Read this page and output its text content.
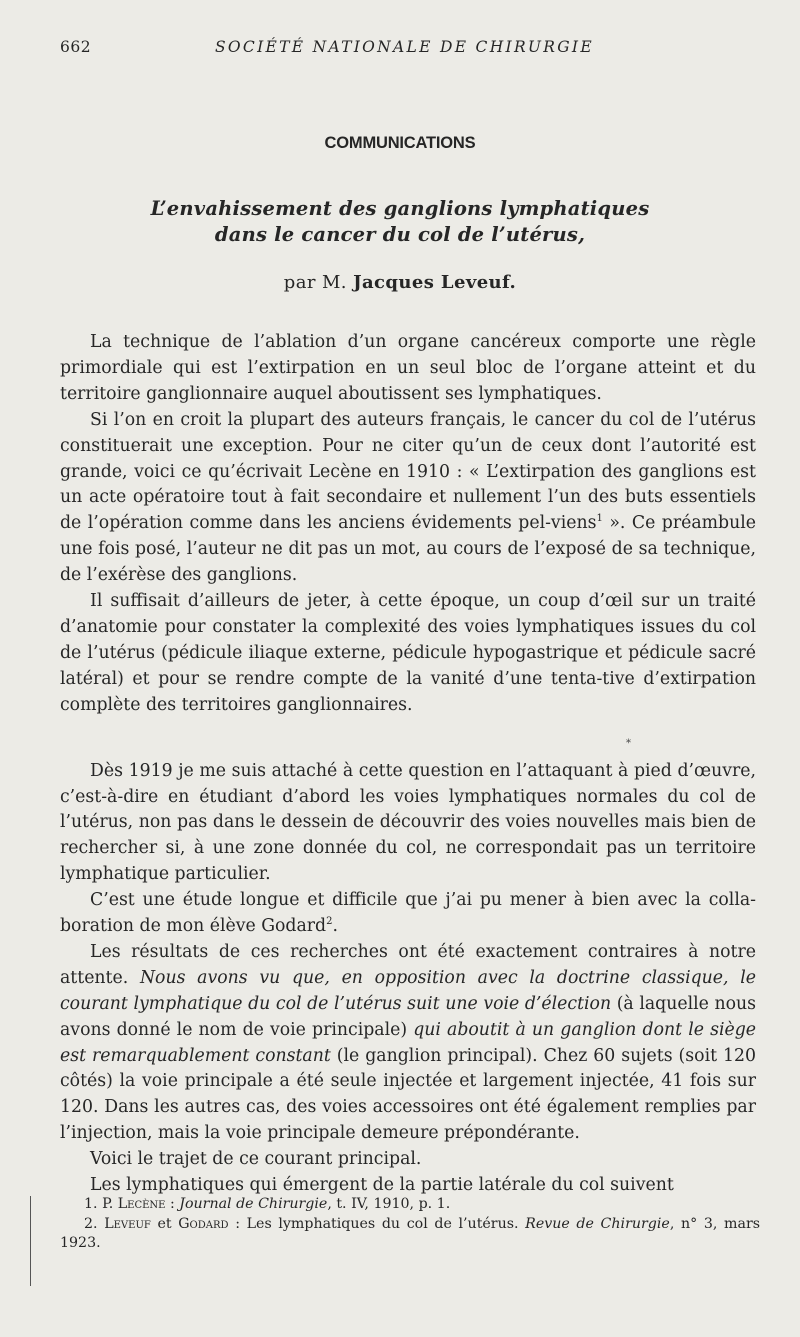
662	SOCIÉTÉ NATIONALE DE CHIRURGIE
COMMUNICATIONS
L’envahissement des ganglions lymphatiques
dans le cancer du col de l’utérus,
par M. Jacques Leveuf.

La technique de l’ablation d’un organe cancéreux comporte une règle primordiale qui est l’extirpation en un seul bloc de l’organe atteint et du territoire ganglionnaire auquel aboutissent ses lymphatiques.

Si l’on en croit la plupart des auteurs français, le cancer du col de l’utérus constituerait une exception. Pour ne citer qu’un de ceux dont l’autorité est grande, voici ce qu’écrivait Lecène en 1910 : « L’extirpation des ganglions est un acte opératoire tout à fait secondaire et nullement l’un des buts essentiels de l’opération comme dans les anciens évidements pel-viens$^1$ ». Ce préambule une fois posé, l’auteur ne dit pas un mot, au cours de l’exposé de sa technique, de l’exérèse des ganglions.

Il suffisait d’ailleurs de jeter, à cette époque, un coup d’œil sur un traité d’anatomie pour constater la complexité des voies lymphatiques issues du col de l’utérus (pédicule iliaque externe, pédicule hypogastrique et pédicule sacré latéral) et pour se rendre compte de la vanité d’une tenta-tive d’extirpation complète des territoires ganglionnaires.

*

Dès 1919 je me suis attaché à cette question en l’attaquant à pied d’œuvre, c’est-à-dire en étudiant d’abord les voies lymphatiques normales du col de l’utérus, non pas dans le dessein de découvrir des voies nouvelles mais bien de rechercher si, à une zone donnée du col, ne correspondait pas un territoire lymphatique particulier.

C’est une étude longue et difficile que j’ai pu mener à bien avec la colla-boration de mon élève Godard$^2$.

Les résultats de ces recherches ont été exactement contraires à notre attente. Nous avons vu que, en opposition avec la doctrine classique, le courant lymphatique du col de l’utérus suit une voie d’élection (à laquelle nous avons donné le nom de voie principale) qui aboutit à un ganglion dont le siège est remarquablement constant (le ganglion principal). Chez 60 sujets (soit 120 côtés) la voie principale a été seule injectée et largement injectée, 41 fois sur 120. Dans les autres cas, des voies accessoires ont été également remplies par l’injection, mais la voie principale demeure prépondérante.

Voici le trajet de ce courant principal.

Les lymphatiques qui émergent de la partie latérale du col suivent

1. P. Lecène : Journal de Chirurgie, t. IV, 1910, p. 1.
2. Leveuf et Godard : Les lymphatiques du col de l’utérus. Revue de Chirurgie, n° 3, mars 1923.
